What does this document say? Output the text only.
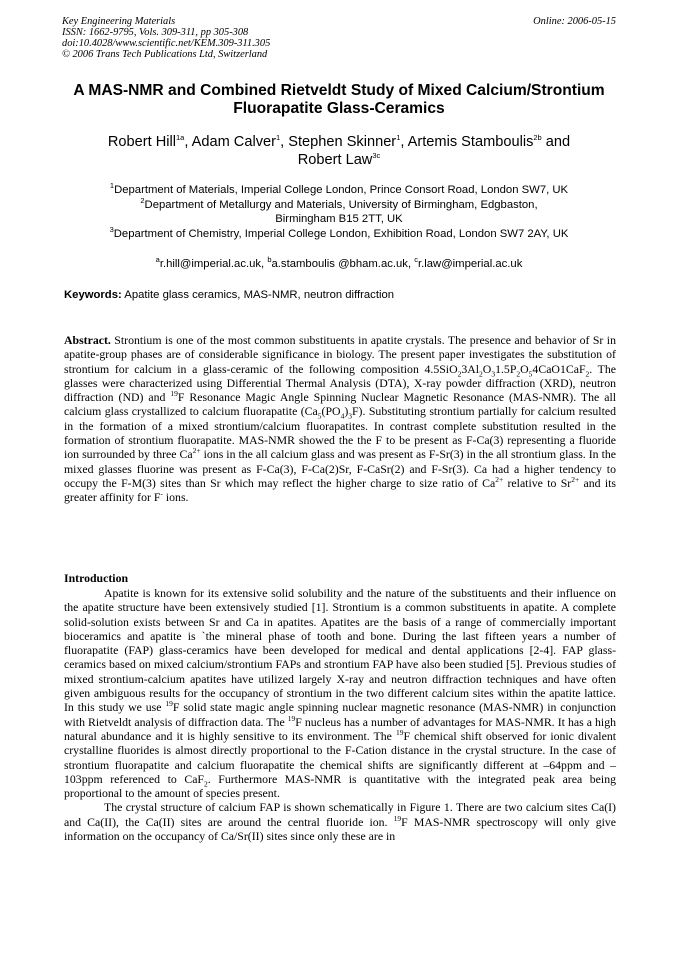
Key Engineering Materials
ISSN: 1662-9795, Vols. 309-311, pp 305-308
doi:10.4028/www.scientific.net/KEM.309-311.305
© 2006 Trans Tech Publications Ltd, Switzerland
Online: 2006-05-15
A MAS-NMR and Combined Rietveldt Study of Mixed Calcium/Strontium
Fluorapatite Glass-Ceramics
Robert Hill$^{1a}$, Adam Calver$^1$, Stephen Skinner$^1$, Artemis Stamboulis$^{2b}$ and
Robert Law$^{3c}$
$^1$Department of Materials, Imperial College London, Prince Consort Road, London SW7, UK
$^2$Department of Metallurgy and Materials, University of Birmingham, Edgbaston,
Birmingham B15 2TT, UK
$^3$Department of Chemistry, Imperial College London, Exhibition Road, London SW7 2AY, UK
$^a$r.hill@imperial.ac.uk, $^b$a.stamboulis @bham.ac.uk, $^c$r.law@imperial.ac.uk
Keywords: Apatite glass ceramics, MAS-NMR, neutron diffraction

Abstract. Strontium is one of the most common substituents in apatite crystals. The presence and behavior of Sr in apatite-group phases are of considerable significance in biology. The present paper investigates the substitution of strontium for calcium in a glass-ceramic of the following composition $4.5SiO_23Al_2O_31.5P_2O_54CaO1CaF_2$. The glasses were characterized using Differential Thermal Analysis (DTA), X-ray powder diffraction (XRD), neutron diffraction (ND) and $^{19}$F Resonance Magic Angle Spinning Nuclear Magnetic Resonance (MAS-NMR). The all calcium glass crystallized to calcium fluorapatite $(Ca_5(PO_4)_3F)$. Substituting strontium partially for calcium resulted in the formation of a mixed strontium/calcium fluorapatites. In contrast complete substitution resulted in the formation of strontium fluorapatite. MAS-NMR showed the the F to be present as F-Ca(3) representing a fluoride ion surrounded by three $Ca^{2+}$ ions in the all calcium glass and was present as F-Sr(3) in the all strontium glass. In the mixed glasses fluorine was present as F-Ca(3), F-Ca(2)Sr, F-CaSr(2) and F-Sr(3). Ca had a higher tendency to occupy the F-M(3) sites than Sr which may reflect the higher charge to size ratio of $Ca^{2+}$ relative to $Sr^{2+}$ and its greater affinity for F- ions.

Introduction

Apatite is known for its extensive solid solubility and the nature of the substituents and their influence on the apatite structure have been extensively studied [1]. Strontium is a common substituents in apatite. A complete solid-solution exists between Sr and Ca in apatites. Apatites are the basis of a range of commercially important bioceramics and apatite is `the mineral phase of tooth and bone. During the last fifteen years a number of fluorapatite (FAP) glass-ceramics have been developed for medical and dental applications [2-4]. FAP glass-ceramics based on mixed calcium/strontium FAPs and strontium FAP have also been studied [5]. Previous studies of mixed strontium-calcium apatites have utilized largely X-ray and neutron diffraction techniques and have often given ambiguous results for the occupancy of strontium in the two different calcium sites within the apatite lattice. In this study we use $^{19}$F solid state magic angle spinning nuclear magnetic resonance (MAS-NMR) in conjunction with Rietveldt analysis of diffraction data. The $^{19}$F nucleus has a number of advantages for MAS-NMR. It has a high natural abundance and it is highly sensitive to its environment. The $^{19}$F chemical shift observed for ionic divalent crystalline fluorides is almost directly proportional to the F-Cation distance in the crystal structure. In the case of strontium fluorapatite and calcium fluorapatite the chemical shifts are significantly different at –64ppm and –103ppm referenced to CaF$_2$. Furthermore MAS-NMR is quantitative with the integrated peak area being proportional to the amount of species present.

The crystal structure of calcium FAP is shown schematically in Figure 1. There are two calcium sites Ca(I) and Ca(II), the Ca(II) sites are around the central fluoride ion. $^{19}$F MAS-NMR spectroscopy will only give information on the occupancy of Ca/Sr(II) sites since only these are in
